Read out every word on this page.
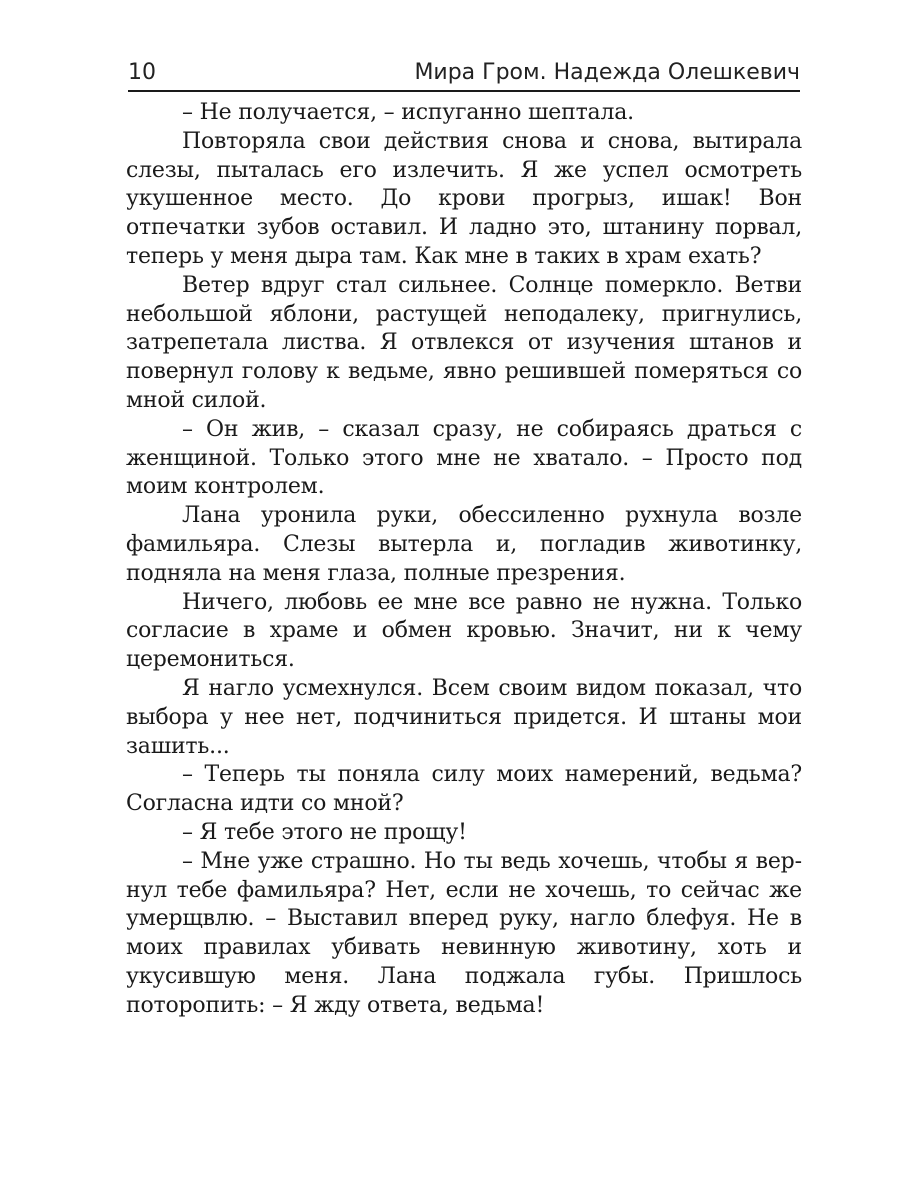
10	Мира Гром. Надежда Олешкевич

– Не получается, – испуганно шептала.

Повторяла свои действия снова и снова, вытирала слезы, пыталась его излечить. Я же успел осмотреть укушенное место. До крови прогрыз, ишак! Вон отпечатки зубов оставил. И ладно это, штанину порвал, теперь у меня дыра там. Как мне в таких в храм ехать?

Ветер вдруг стал сильнее. Солнце померкло. Ветви небольшой яблони, растущей неподалеку, пригнулись, затрепетала листва. Я отвлекся от изучения штанов и повернул голову к ведьме, явно решившей померяться со мной силой.

– Он жив, – сказал сразу, не собираясь драться с женщиной. Только этого мне не хватало. – Просто под моим контролем.

Лана уронила руки, обессиленно рухнула возле фамильяра. Слезы вытерла и, погладив животинку, подняла на меня глаза, полные презрения.

Ничего, любовь ее мне все равно не нужна. Только согласие в храме и обмен кровью. Значит, ни к чему церемониться.

Я нагло усмехнулся. Всем своим видом показал, что выбора у нее нет, подчиниться придется. И штаны мои зашить...

– Теперь ты поняла силу моих намерений, ведьма? Согласна идти со мной?

– Я тебе этого не прощу!

– Мне уже страшно. Но ты ведь хочешь, чтобы я вернул тебе фамильяра? Нет, если не хочешь, то сейчас же умерщвлю. – Выставил вперед руку, нагло блефуя. Не в моих правилах убивать невинную животину, хоть и укусившую меня. Лана поджала губы. Пришлось поторопить: – Я жду ответа, ведьма!
